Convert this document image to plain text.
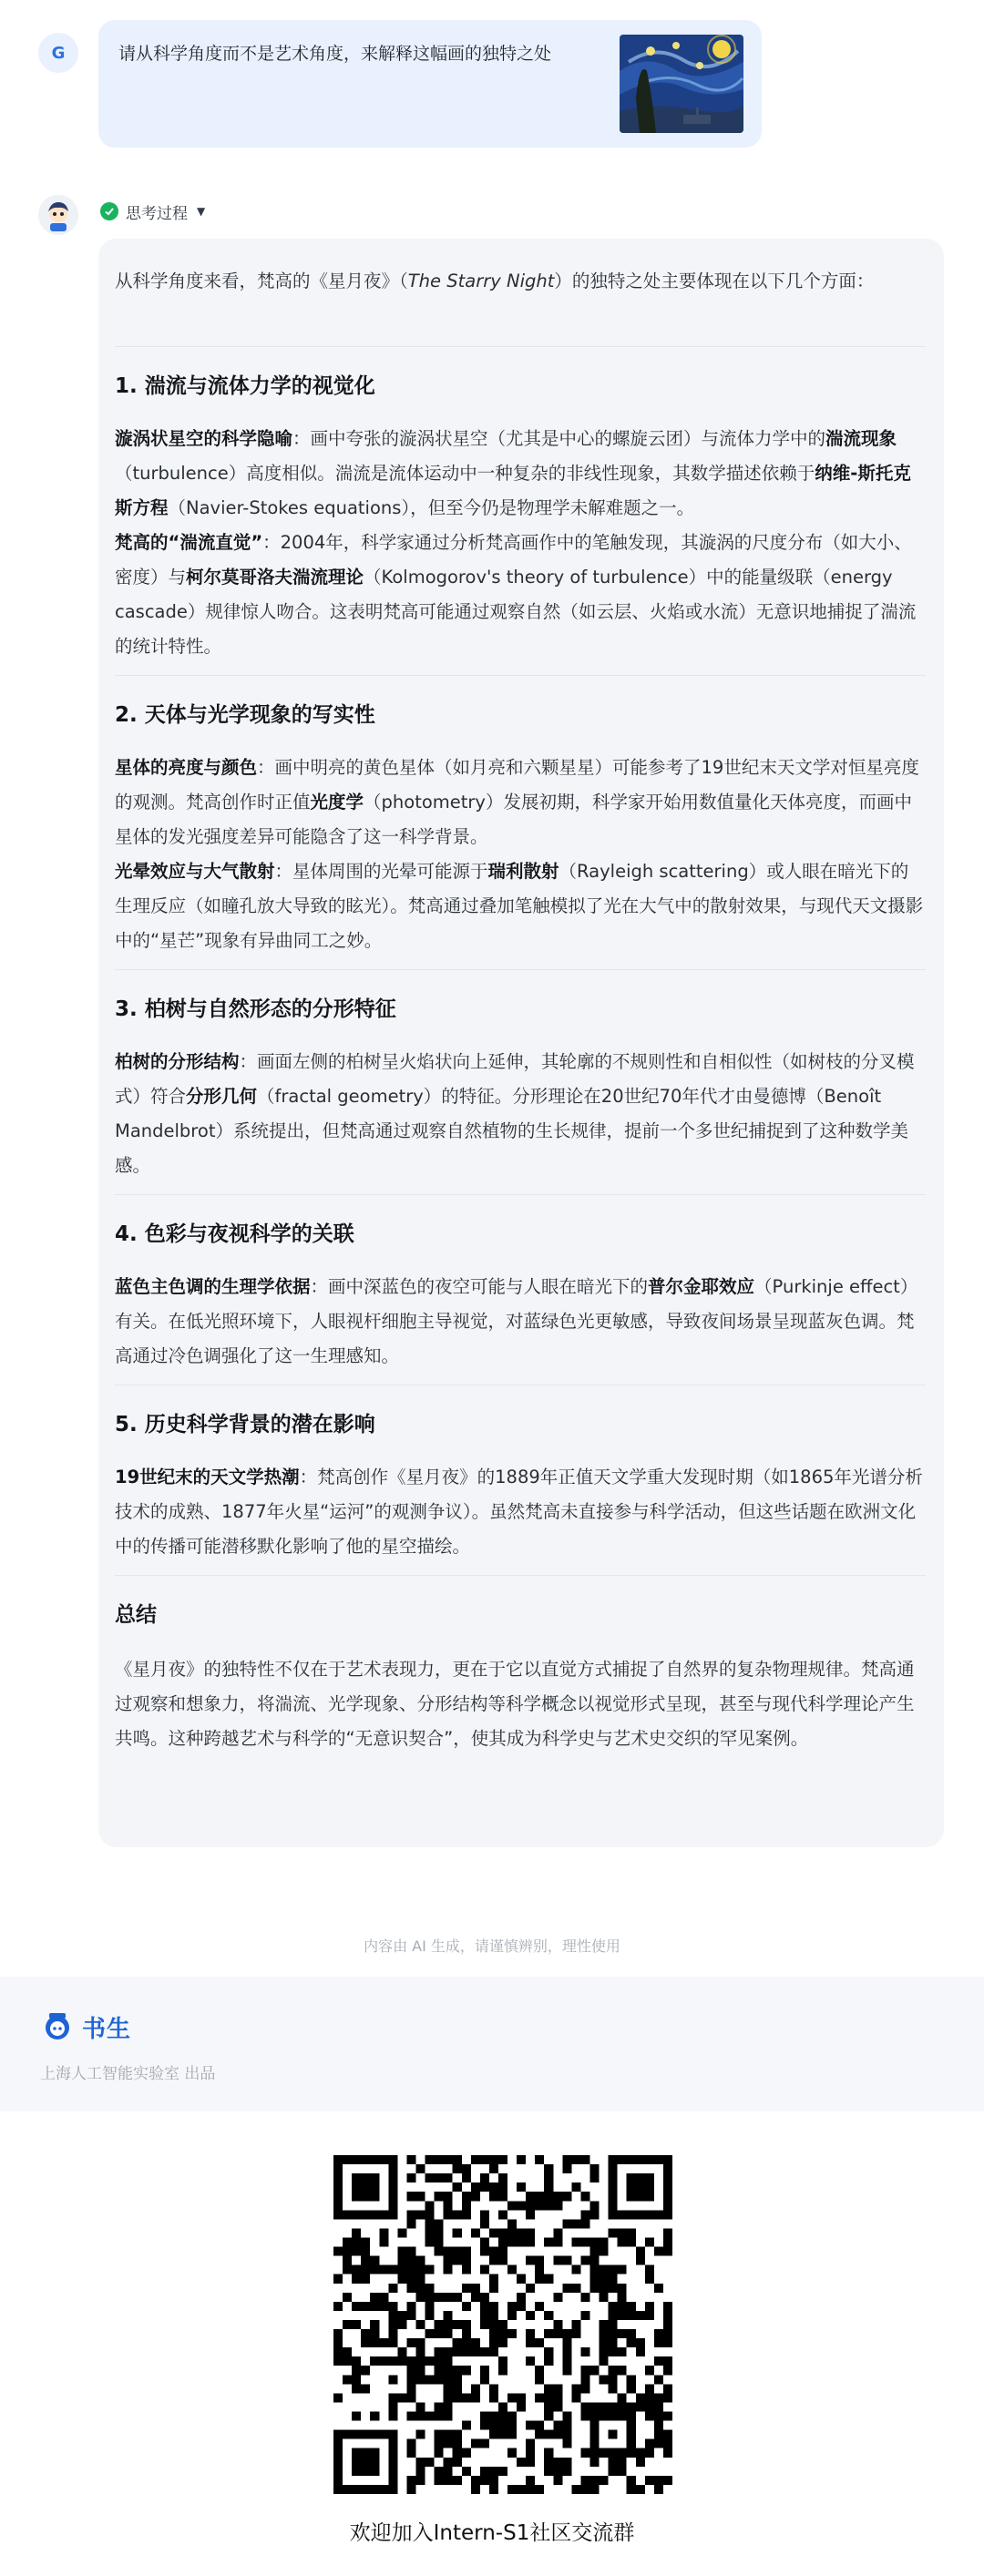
G	请从科学角度而不是艺术角度，来解释这幅画的独特之处
思考过程 ▼
从科学角度来看，梵高的《星月夜》（The Starry Night）的独特之处主要体现在以下几个方面：
1. 湍流与流体力学的视觉化
漩涡状星空的科学隐喻：画中夸张的漩涡状星空（尤其是中心的螺旋云团）与流体力学中的湍流现象（turbulence）高度相似。湍流是流体运动中一种复杂的非线性现象，其数学描述依赖于纳维-斯托克斯方程（Navier-Stokes equations），但至今仍是物理学未解难题之一。
梵高的“湍流直觉”：2004年，科学家通过分析梵高画作中的笔触发现，其漩涡的尺度分布（如大小、密度）与柯尔莫哥洛夫湍流理论（Kolmogorov's theory of turbulence）中的能量级联（energy cascade）规律惊人吻合。这表明梵高可能通过观察自然（如云层、火焰或水流）无意识地捕捉了湍流的统计特性。
2. 天体与光学现象的写实性
星体的亮度与颜色：画中明亮的黄色星体（如月亮和六颗星星）可能参考了19世纪末天文学对恒星亮度的观测。梵高创作时正值光度学（photometry）发展初期，科学家开始用数值量化天体亮度，而画中星体的发光强度差异可能隐含了这一科学背景。
光晕效应与大气散射：星体周围的光晕可能源于瑞利散射（Rayleigh scattering）或人眼在暗光下的生理反应（如瞳孔放大导致的眩光）。梵高通过叠加笔触模拟了光在大气中的散射效果，与现代天文摄影中的“星芒”现象有异曲同工之妙。
3. 柏树与自然形态的分形特征
柏树的分形结构：画面左侧的柏树呈火焰状向上延伸，其轮廓的不规则性和自相似性（如树枝的分叉模式）符合分形几何（fractal geometry）的特征。分形理论在20世纪70年代才由曼德博（Benoît Mandelbrot）系统提出，但梵高通过观察自然植物的生长规律，提前一个多世纪捕捉到了这种数学美感。
4. 色彩与夜视科学的关联
蓝色主色调的生理学依据：画中深蓝色的夜空可能与人眼在暗光下的普尔金耶效应（Purkinje effect）有关。在低光照环境下，人眼视杆细胞主导视觉，对蓝绿色光更敏感，导致夜间场景呈现蓝灰色调。梵高通过冷色调强化了这一生理感知。
5. 历史科学背景的潜在影响
19世纪末的天文学热潮：梵高创作《星月夜》的1889年正值天文学重大发现时期（如1865年光谱分析技术的成熟、1877年火星“运河”的观测争议）。虽然梵高未直接参与科学活动，但这些话题在欧洲文化中的传播可能潜移默化影响了他的星空描绘。
总结
《星月夜》的独特性不仅在于艺术表现力，更在于它以直觉方式捕捉了自然界的复杂物理规律。梵高通过观察和想象力，将湍流、光学现象、分形结构等科学概念以视觉形式呈现，甚至与现代科学理论产生共鸣。这种跨越艺术与科学的“无意识契合”，使其成为科学史与艺术史交织的罕见案例。
内容由 AI 生成，请谨慎辨别，理性使用
书生
上海人工智能实验室 出品
欢迎加入Intern-S1社区交流群
